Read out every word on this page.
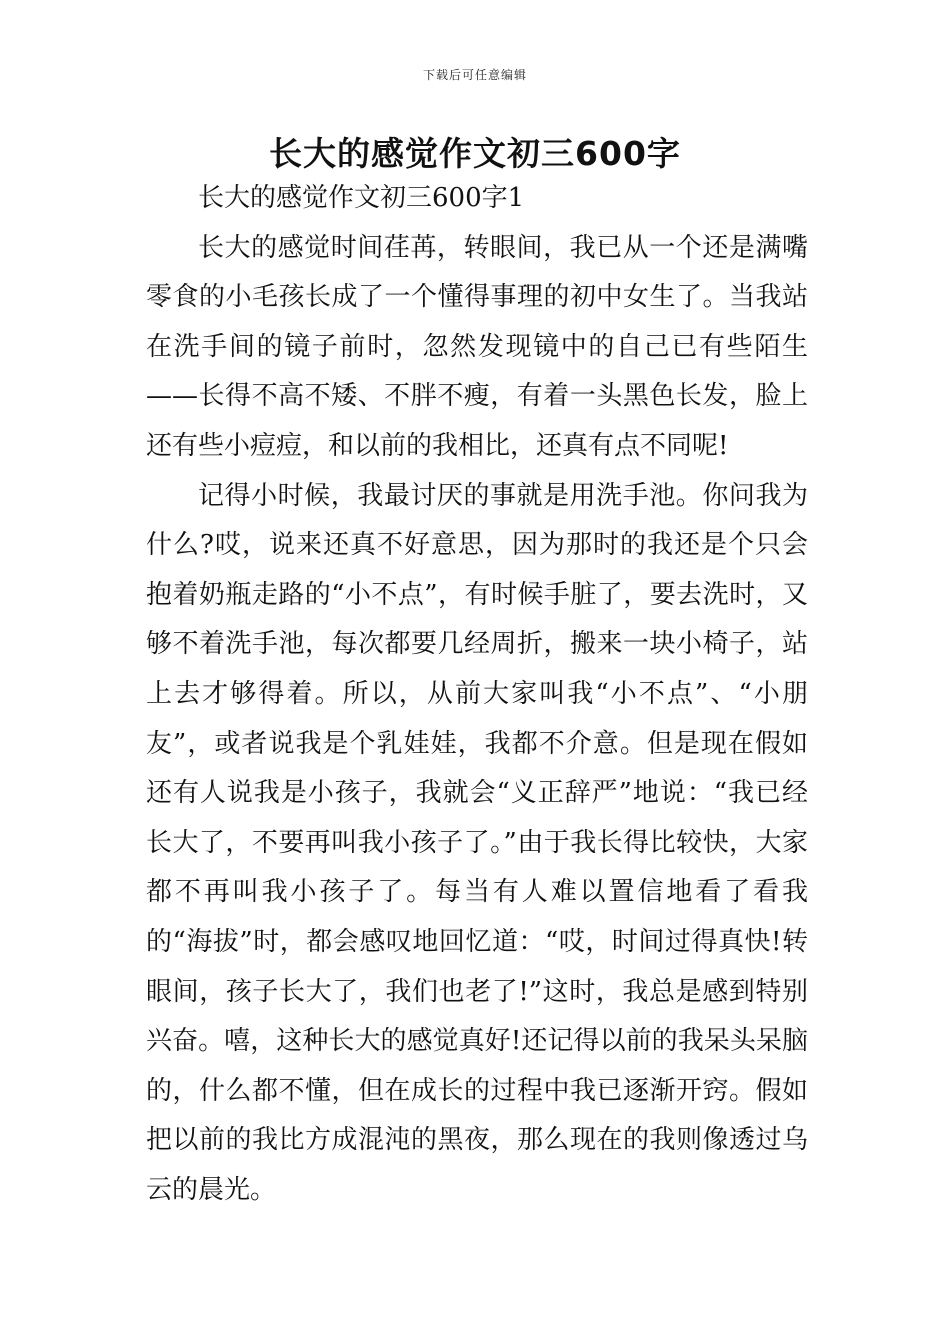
下载后可任意编辑
长大的感觉作文初三600字

长大的感觉作文初三600字1

长大的感觉时间荏苒，转眼间，我已从一个还是满嘴零食的小毛孩长成了一个懂得事理的初中女生了。当我站在洗手间的镜子前时，忽然发现镜中的自己已有些陌生——长得不高不矮、不胖不瘦，有着一头黑色长发，脸上还有些小痘痘，和以前的我相比，还真有点不同呢!

记得小时候，我最讨厌的事就是用洗手池。你问我为什么?哎，说来还真不好意思，因为那时的我还是个只会抱着奶瓶走路的“小不点”，有时候手脏了，要去洗时，又够不着洗手池，每次都要几经周折，搬来一块小椅子，站上去才够得着。所以，从前大家叫我“小不点”、“小朋友”，或者说我是个乳娃娃，我都不介意。但是现在假如还有人说我是小孩子，我就会“义正辞严”地说：“我已经长大了，不要再叫我小孩子了。”由于我长得比较快，大家都不再叫我小孩子了。每当有人难以置信地看了看我的“海拔”时，都会感叹地回忆道：“哎，时间过得真快!转眼间，孩子长大了，我们也老了!”这时，我总是感到特别兴奋。嘻，这种长大的感觉真好!还记得以前的我呆头呆脑的，什么都不懂，但在成长的过程中我已逐渐开窍。假如把以前的我比方成混沌的黑夜，那么现在的我则像透过乌云的晨光。
